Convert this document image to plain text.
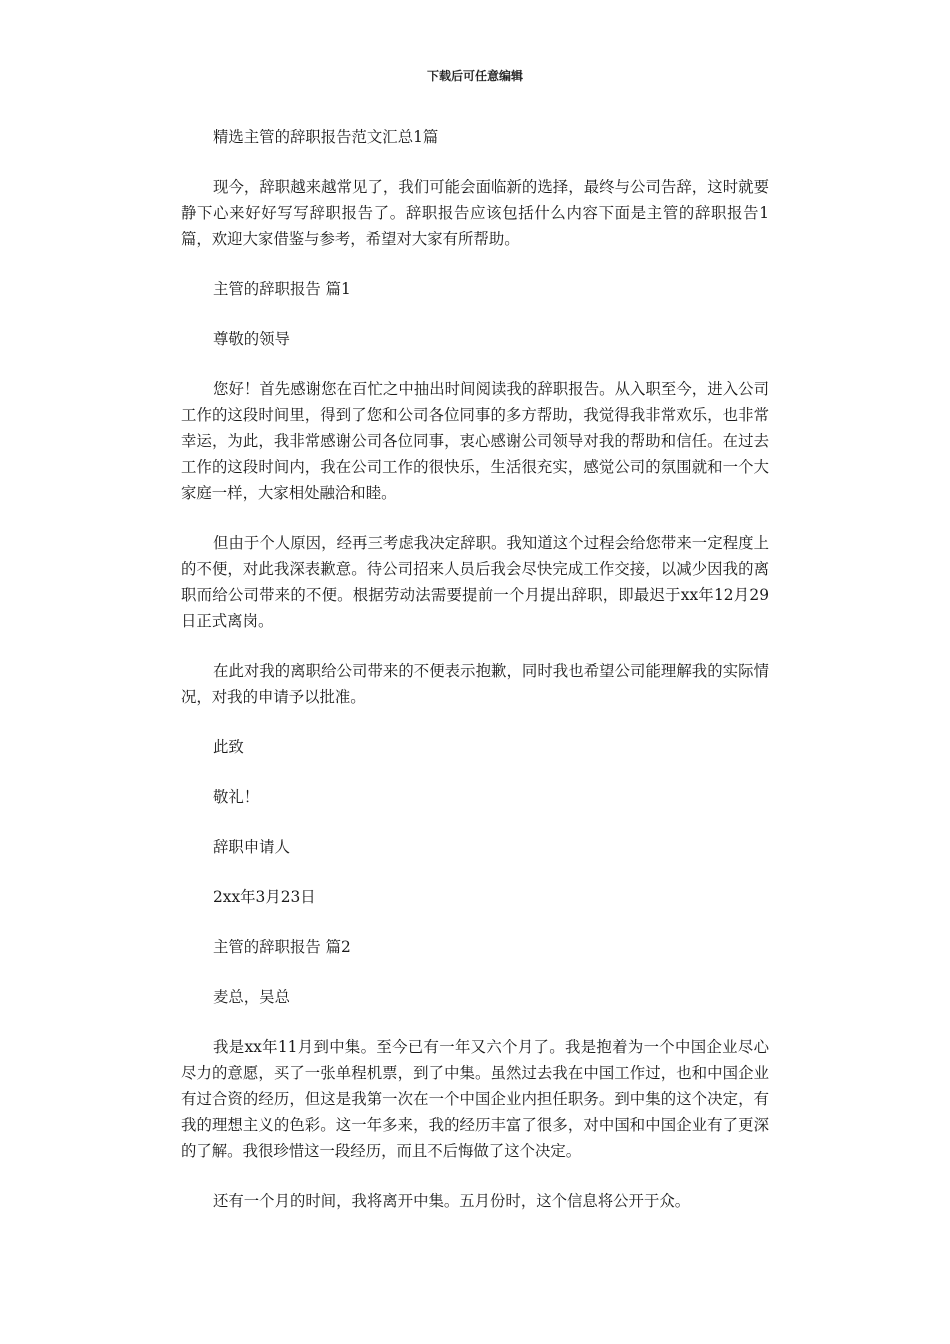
下载后可任意编辑

精选主管的辞职报告范文汇总1篇

现今，辞职越来越常见了，我们可能会面临新的选择，最终与公司告辞，这时就要静下心来好好写写辞职报告了。辞职报告应该包括什么内容下面是主管的辞职报告1篇，欢迎大家借鉴与参考，希望对大家有所帮助。

主管的辞职报告 篇1

尊敬的领导

您好！首先感谢您在百忙之中抽出时间阅读我的辞职报告。从入职至今，进入公司工作的这段时间里，得到了您和公司各位同事的多方帮助，我觉得我非常欢乐，也非常幸运，为此，我非常感谢公司各位同事，衷心感谢公司领导对我的帮助和信任。在过去工作的这段时间内，我在公司工作的很快乐，生活很充实，感觉公司的氛围就和一个大家庭一样，大家相处融洽和睦。

但由于个人原因，经再三考虑我决定辞职。我知道这个过程会给您带来一定程度上的不便，对此我深表歉意。待公司招来人员后我会尽快完成工作交接，以减少因我的离职而给公司带来的不便。根据劳动法需要提前一个月提出辞职，即最迟于xx年12月29日正式离岗。

在此对我的离职给公司带来的不便表示抱歉，同时我也希望公司能理解我的实际情况，对我的申请予以批准。

此致

敬礼！

辞职申请人

2xx年3月23日

主管的辞职报告 篇2

麦总，吴总

我是xx年11月到中集。至今已有一年又六个月了。我是抱着为一个中国企业尽心尽力的意愿，买了一张单程机票，到了中集。虽然过去我在中国工作过，也和中国企业有过合资的经历，但这是我第一次在一个中国企业内担任职务。到中集的这个决定，有我的理想主义的色彩。这一年多来，我的经历丰富了很多，对中国和中国企业有了更深的了解。我很珍惜这一段经历，而且不后悔做了这个决定。

还有一个月的时间，我将离开中集。五月份时，这个信息将公开于众。
